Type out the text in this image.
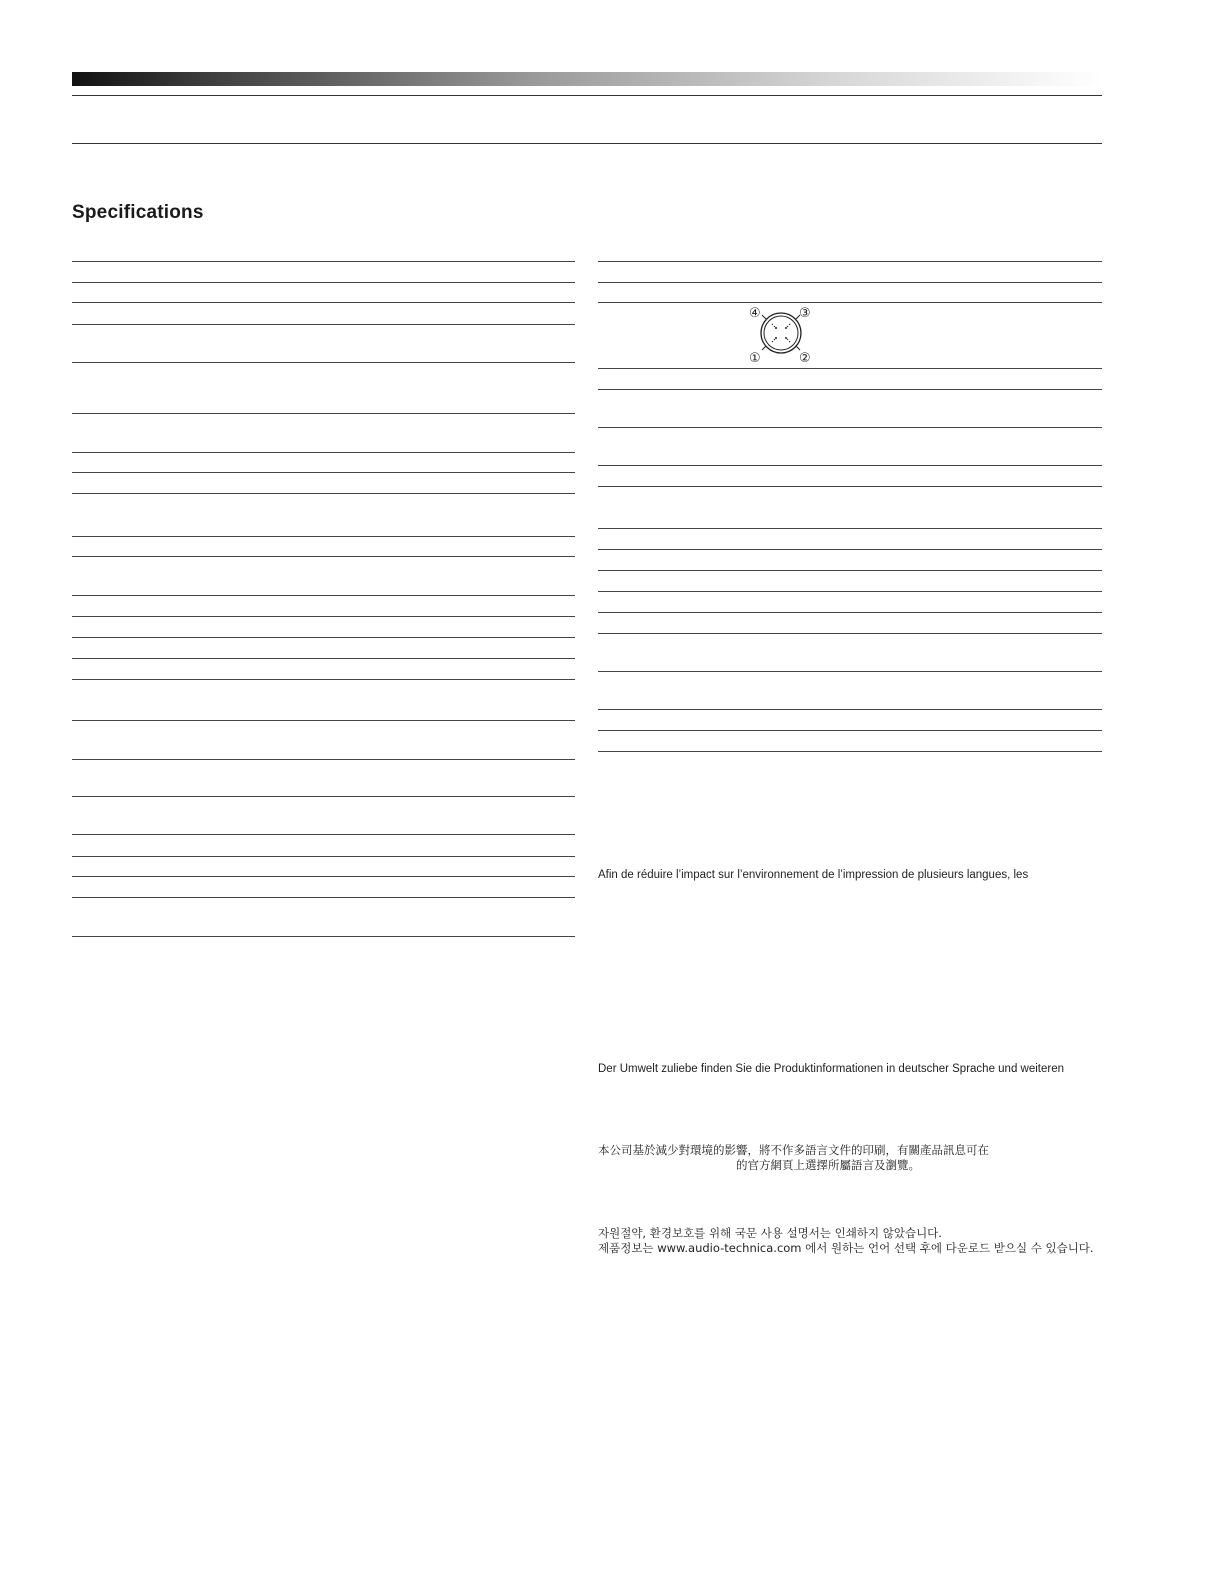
Specifications
①	②
③
④

Afin de réduire l’impact sur l’environnement de l’impression de plusieurs langues, les

Der Umwelt zuliebe finden Sie die Produktinformationen in deutscher Sprache und weiteren

本公司基於減少對環境的影響，將不作多語言文件的印刷，有關產品訊息可在

的官方網頁上選擇所屬語言及瀏覽。

자원절약, 환경보호를 위해 국문 사용 설명서는 인쇄하지 않았습니다.

제품정보는 www.audio-technica.com 에서 원하는 언어 선택 후에 다운로드 받으실 수 있습니다.
